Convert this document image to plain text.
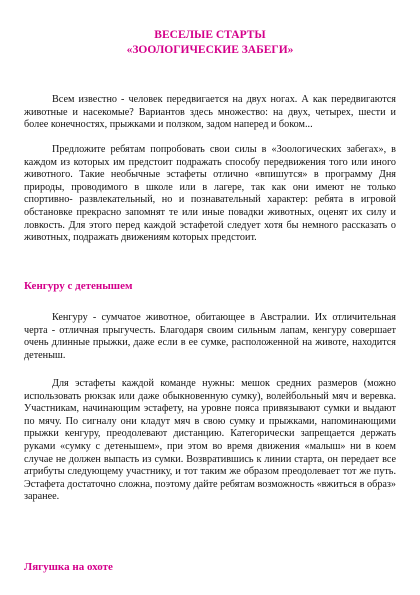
ВЕСЕЛЫЕ СТАРТЫ
«ЗООЛОГИЧЕСКИЕ ЗАБЕГИ»

Всем известно - человек передвигается на двух ногах. А как передвигаются животные и насекомые? Вариантов здесь множество: на двух, четырех, шести и более конечностях, прыжками и ползком, задом наперед и боком...

Предложите ребятам попробовать свои силы в «Зоологических забегах», в каждом из которых им предстоит подражать способу передвижения того или иного животного. Такие необычные эстафеты отлично «впишутся» в программу Дня природы, проводимого в школе или в лагере, так как они имеют не только спортивно- развлекательный, но и познавательный характер: ребята в игровой обстановке прекрасно запомнят те или иные повадки животных, оценят их силу и ловкость. Для этого перед каждой эстафетой следует хотя бы немного рассказать о животных, подражать движениям которых предстоит.

Кенгуру с детенышем

Кенгуру - сумчатое животное, обитающее в Австралии. Их отличительная черта - отличная прыгучесть. Благодаря своим сильным лапам, кенгуру совершает очень длинные прыжки, даже если в ее сумке, расположенной на животе, находится детеныш.

Для эстафеты каждой команде нужны: мешок средних размеров (можно использовать рюкзак или даже обыкновенную сумку), волейбольный мяч и веревка. Участникам, начинающим эстафету, на уровне пояса привязывают сумки и выдают по мячу. По сигналу они кладут мяч в свою сумку и прыжками, напоминающими прыжки кенгуру, преодолевают дистанцию. Категорически запрещается держать руками «сумку с детенышем», при этом во время движения «малыш» ни в коем случае не должен выпасть из сумки. Возвратившись к линии старта, он передает все атрибуты следующему участнику, и тот таким же образом преодолевает тот же путь. Эстафета достаточно сложна, поэтому дайте ребятам возможность «вжиться в образ» заранее.

Лягушка на охоте
